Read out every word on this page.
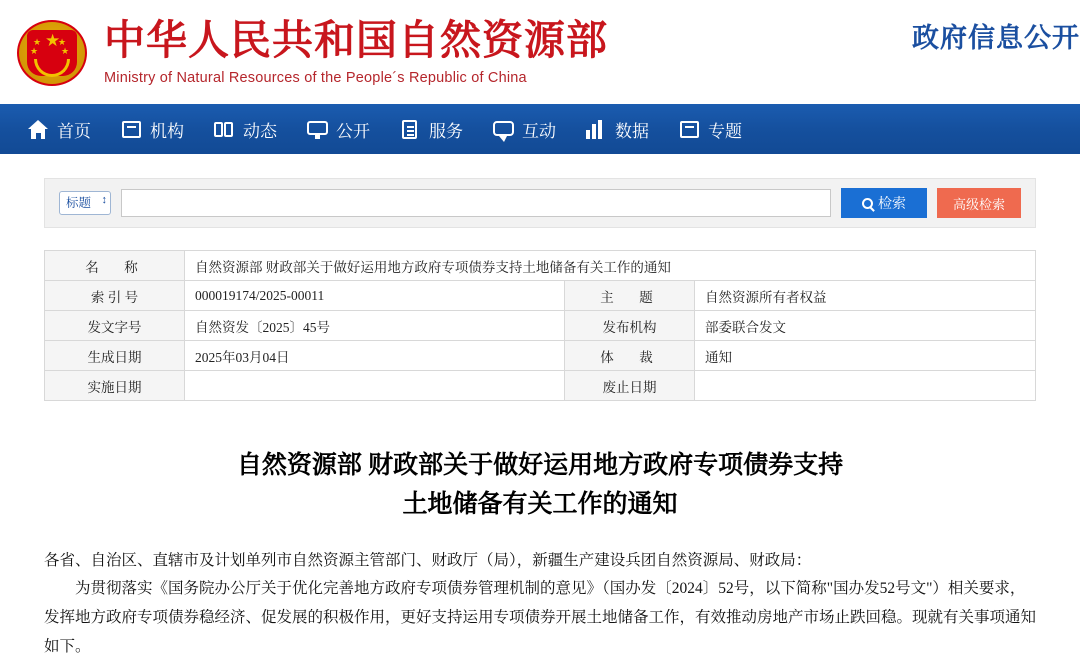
★
★
★
★
★ 中华人民共和国自然资源部
Ministry of Natural Resources of the People´s Republic of China
政府信息公开
首页	机构	动态	公开	服务	互动	数据	专题
标题 ↕
检索	高级检索
名　称	自然资源部 财政部关于做好运用地方政府专项债券支持土地储备有关工作的通知		
索 引 号	000019174/2025-00011	主　题	自然资源所有者权益
发文字号	自然资发〔2025〕45号	发布机构	部委联合发文
生成日期	2025年03月04日	体　裁	通知
实施日期		废止日期	
自然资源部 财政部关于做好运用地方政府专项债券支持
土地储备有关工作的通知

各省、自治区、直辖市及计划单列市自然资源主管部门、财政厅（局），新疆生产建设兵团自然资源局、财政局：

为贯彻落实《国务院办公厅关于优化完善地方政府专项债券管理机制的意见》（国办发〔2024〕52号，以下简称"国办发52号文"）相关要求，发挥地方政府专项债券稳经济、促发展的积极作用，更好支持运用专项债券开展土地储备工作，有效推动房地产市场止跌回稳。现就有关事项通知如下。
